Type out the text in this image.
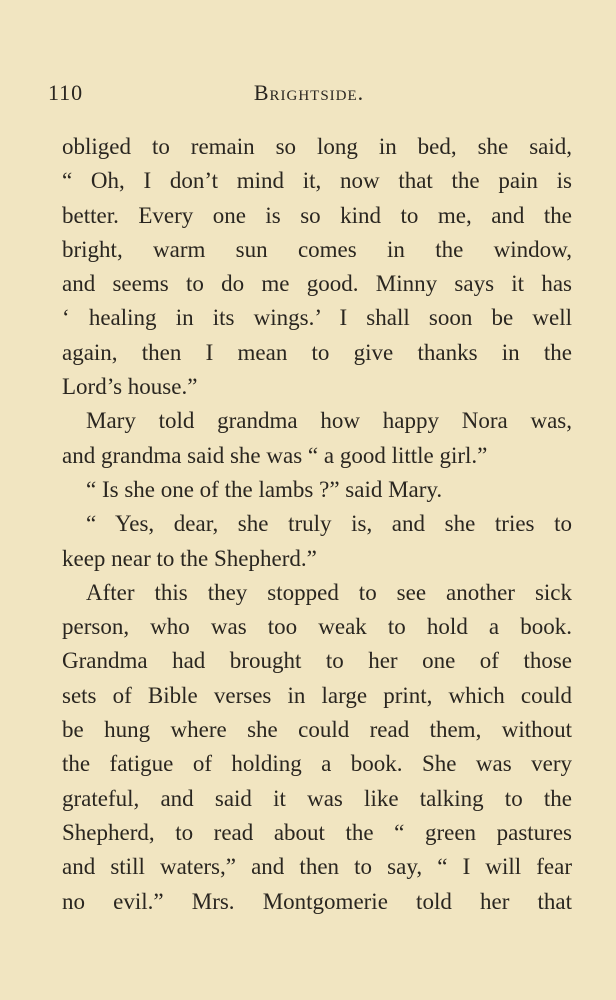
110	Brightside.
obliged to remain so long in bed, she said,
“ Oh, I don’t mind it, now that the pain is
better. Every one is so kind to me, and the
bright, warm sun comes in the window,
and seems to do me good. Minny says it has
‘ healing in its wings.’ I shall soon be well
again, then I mean to give thanks in the
Lord’s house.”
Mary told grandma how happy Nora was,
and grandma said she was “ a good little girl.”
“ Is she one of the lambs ?” said Mary.
“ Yes, dear, she truly is, and she tries to
keep near to the Shepherd.”
After this they stopped to see another sick
person, who was too weak to hold a book.
Grandma had brought to her one of those
sets of Bible verses in large print, which could
be hung where she could read them, without
the fatigue of holding a book. She was very
grateful, and said it was like talking to the
Shepherd, to read about the “ green pastures
and still waters,” and then to say, “ I will fear
no evil.” Mrs. Montgomerie told her that
